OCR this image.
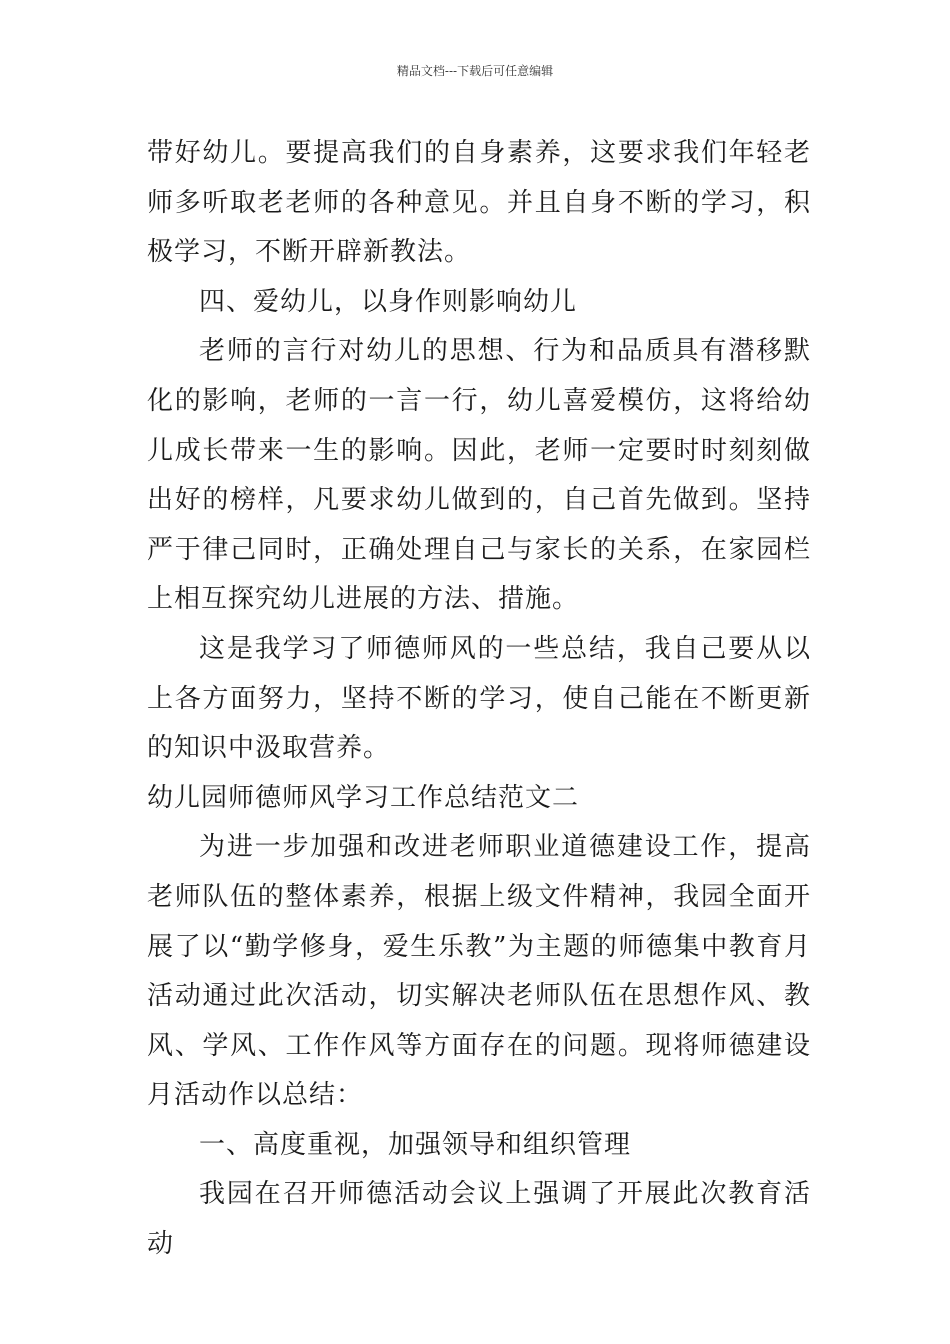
精品文档---下载后可任意编辑

带好幼儿。要提高我们的自身素养，这要求我们年轻老师多听取老老师的各种意见。并且自身不断的学习，积极学习，不断开辟新教法。

四、爱幼儿，以身作则影响幼儿

老师的言行对幼儿的思想、行为和品质具有潜移默化的影响，老师的一言一行，幼儿喜爱模仿，这将给幼儿成长带来一生的影响。因此，老师一定要时时刻刻做出好的榜样，凡要求幼儿做到的，自己首先做到。坚持严于律己同时，正确处理自己与家长的关系，在家园栏上相互探究幼儿进展的方法、措施。

这是我学习了师德师风的一些总结，我自己要从以上各方面努力，坚持不断的学习，使自己能在不断更新的知识中汲取营养。

幼儿园师德师风学习工作总结范文二

为进一步加强和改进老师职业道德建设工作，提高老师队伍的整体素养，根据上级文件精神，我园全面开展了以“勤学修身，爱生乐教”为主题的师德集中教育月活动通过此次活动，切实解决老师队伍在思想作风、教风、学风、工作作风等方面存在的问题。现将师德建设月活动作以总结：

一、高度重视，加强领导和组织管理

我园在召开师德活动会议上强调了开展此次教育活动
